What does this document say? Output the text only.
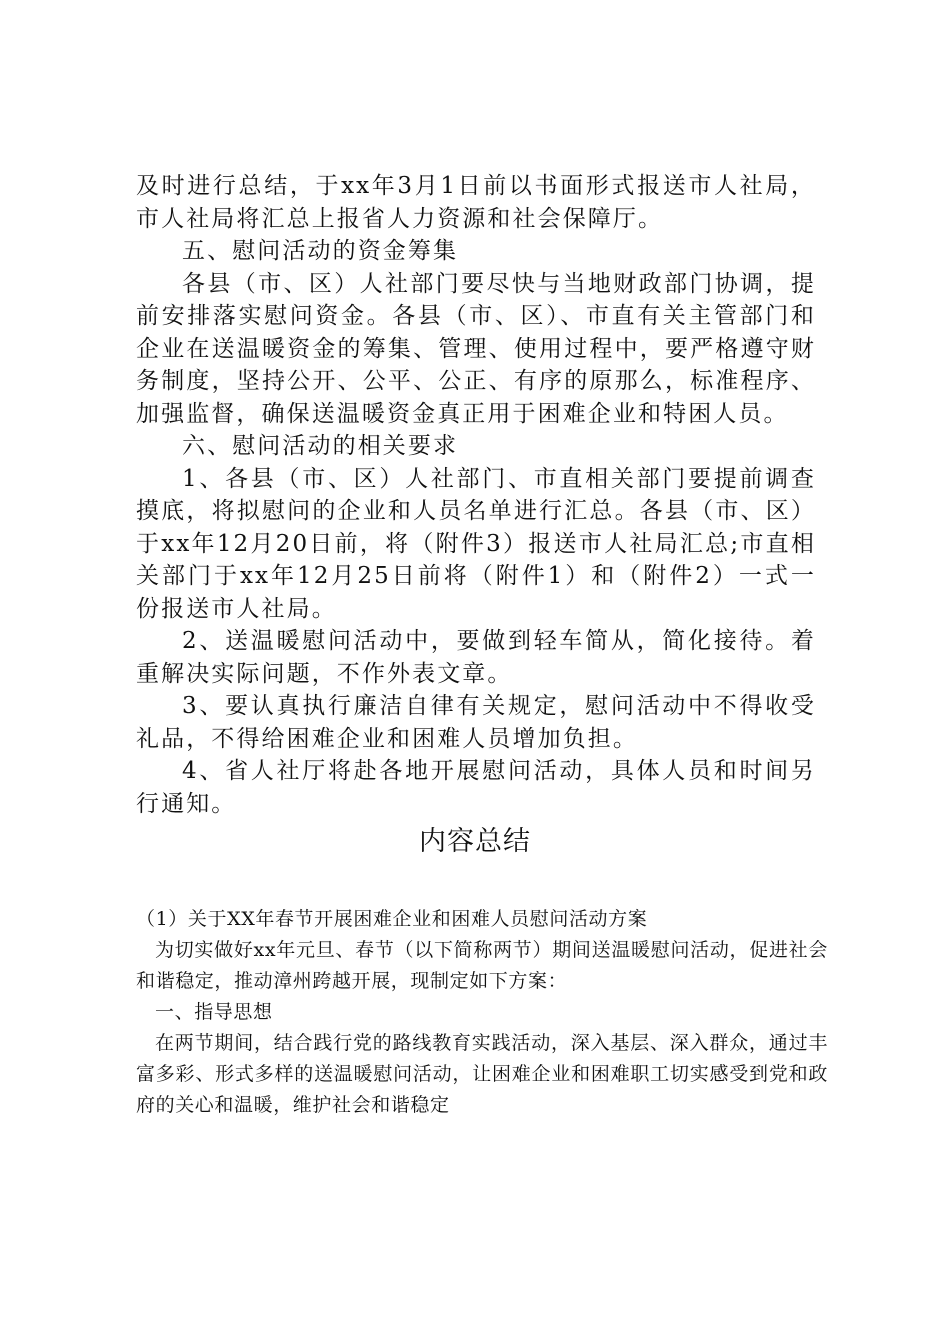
及时进行总结，于xx年3月1日前以书面形式报送市人社局，市人社局将汇总上报省人力资源和社会保障厅。

五、慰问活动的资金筹集

各县（市、区）人社部门要尽快与当地财政部门协调，提前安排落实慰问资金。各县（市、区）、市直有关主管部门和企业在送温暖资金的筹集、管理、使用过程中，要严格遵守财务制度，坚持公开、公平、公正、有序的原那么，标准程序、加强监督，确保送温暖资金真正用于困难企业和特困人员。

六、慰问活动的相关要求

1、各县（市、区）人社部门、市直相关部门要提前调查摸底，将拟慰问的企业和人员名单进行汇总。各县（市、区）于xx年12月20日前，将（附件3）报送市人社局汇总;市直相关部门于xx年12月25日前将（附件1）和（附件2）一式一份报送市人社局。

2、送温暖慰问活动中，要做到轻车简从，简化接待。着重解决实际问题，不作外表文章。

3、要认真执行廉洁自律有关规定，慰问活动中不得收受礼品，不得给困难企业和困难人员增加负担。

4、省人社厅将赴各地开展慰问活动，具体人员和时间另行通知。

内容总结

（1）关于XX年春节开展困难企业和困难人员慰问活动方案

为切实做好xx年元旦、春节（以下简称两节）期间送温暖慰问活动，促进社会和谐稳定，推动漳州跨越开展，现制定如下方案：

一、指导思想

在两节期间，结合践行党的路线教育实践活动，深入基层、深入群众，通过丰富多彩、形式多样的送温暖慰问活动，让困难企业和困难职工切实感受到党和政府的关心和温暖，维护社会和谐稳定
